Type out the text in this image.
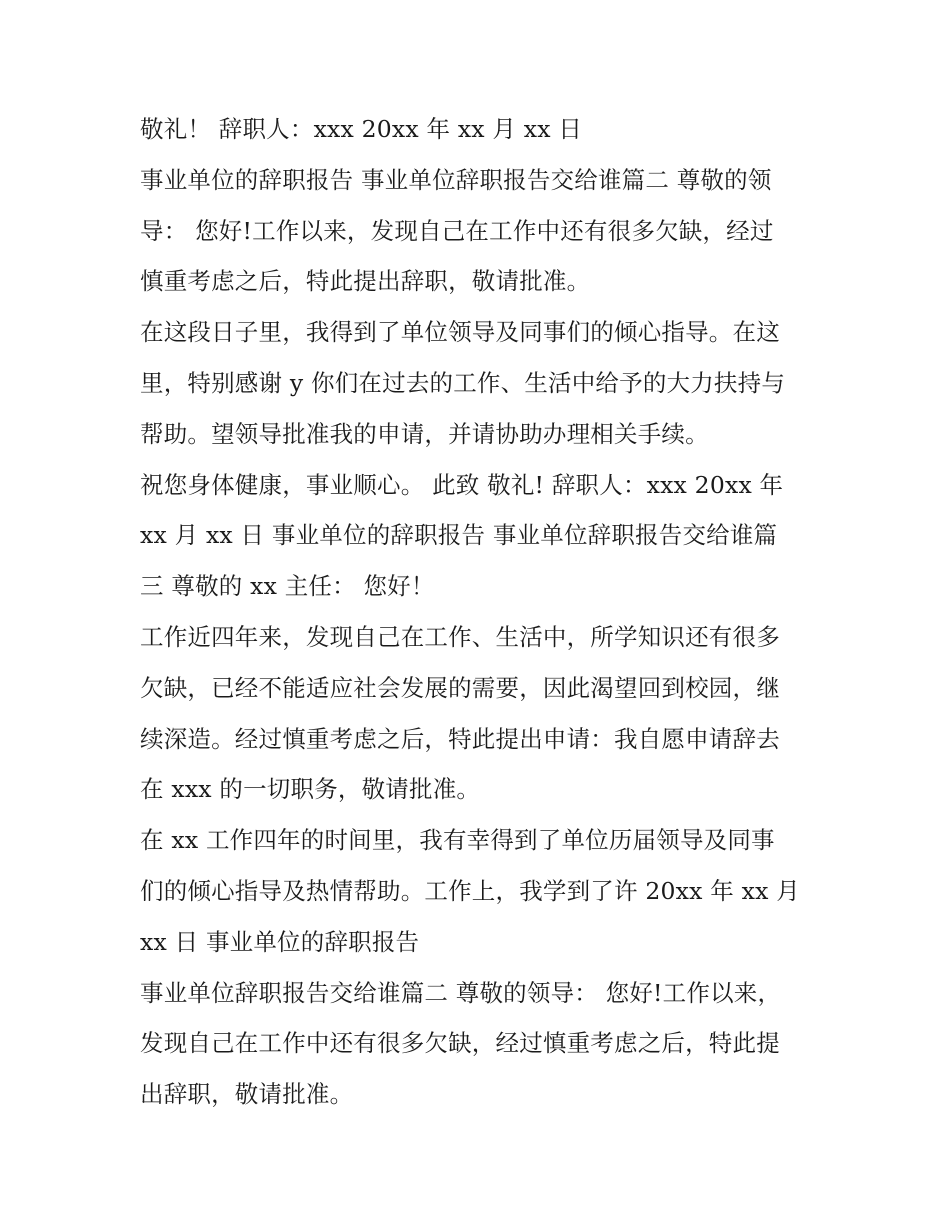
敬礼！ 辞职人：xxx 20xx 年 xx 月 xx 日
事业单位的辞职报告 事业单位辞职报告交给谁篇二 尊敬的领
导： 您好!工作以来，发现自己在工作中还有很多欠缺，经过
慎重考虑之后，特此提出辞职，敬请批准。
在这段日子里，我得到了单位领导及同事们的倾心指导。在这
里，特别感谢 y 你们在过去的工作、生活中给予的大力扶持与
帮助。望领导批准我的申请，并请协助办理相关手续。
祝您身体健康，事业顺心。 此致 敬礼! 辞职人：xxx 20xx 年
xx 月 xx 日 事业单位的辞职报告 事业单位辞职报告交给谁篇
三 尊敬的 xx 主任： 您好！
工作近四年来，发现自己在工作、生活中，所学知识还有很多
欠缺，已经不能适应社会发展的需要，因此渴望回到校园，继
续深造。经过慎重考虑之后，特此提出申请：我自愿申请辞去
在 xxx 的一切职务，敬请批准。
在 xx 工作四年的时间里，我有幸得到了单位历届领导及同事
们的倾心指导及热情帮助。工作上，我学到了许 20xx 年 xx 月
xx 日 事业单位的辞职报告
事业单位辞职报告交给谁篇二 尊敬的领导： 您好!工作以来，
发现自己在工作中还有很多欠缺，经过慎重考虑之后，特此提
出辞职，敬请批准。
